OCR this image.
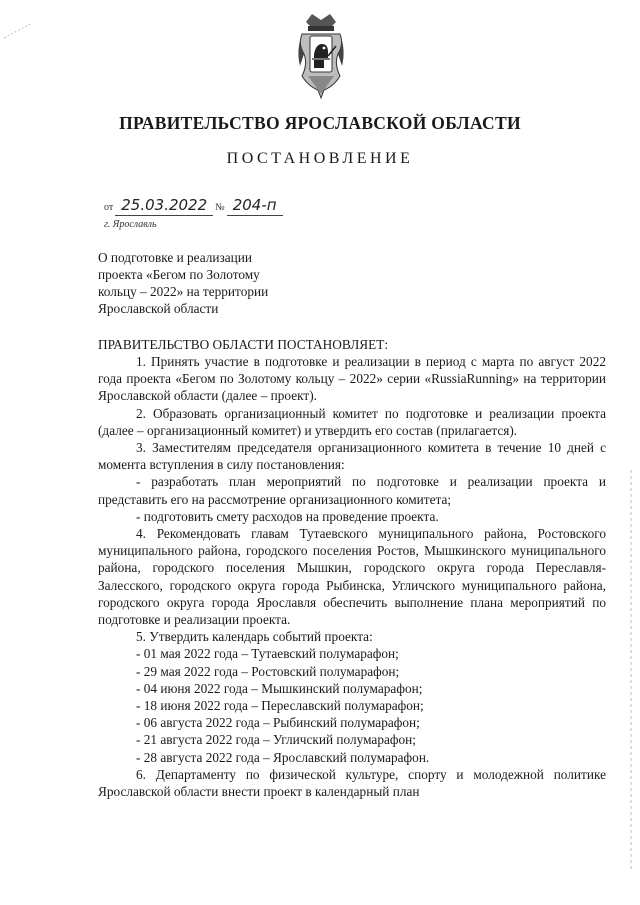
ПРАВИТЕЛЬСТВО ЯРОСЛАВСКОЙ ОБЛАСТИ
ПОСТАНОВЛЕНИЕ
от 25.03.2022 № 204-п
г. Ярославль
О подготовке и реализации
проекта «Бегом по Золотому
кольцу – 2022» на территории
Ярославской области
ПРАВИТЕЛЬСТВО ОБЛАСТИ ПОСТАНОВЛЯЕТ:

1. Принять участие в подготовке и реализации в период с марта по август 2022 года проекта «Бегом по Золотому кольцу – 2022» серии «RussiaRunning» на территории Ярославской области (далее – проект).

2. Образовать организационный комитет по подготовке и реализации проекта (далее – организационный комитет) и утвердить его состав (прилагается).

3. Заместителям председателя организационного комитета в течение 10 дней с момента вступления в силу постановления:

- разработать план мероприятий по подготовке и реализации проекта и представить его на рассмотрение организационного комитета;

- подготовить смету расходов на проведение проекта.

4. Рекомендовать главам Тутаевского муниципального района, Ростовского муниципального района, городского поселения Ростов, Мышкинского муниципального района, городского поселения Мышкин, городского округа города Переславля-Залесского, городского округа города Рыбинска, Угличского муниципального района, городского округа города Ярославля обеспечить выполнение плана мероприятий по подготовке и реализации проекта.

5. Утвердить календарь событий проекта:

- 01 мая 2022 года – Тутаевский полумарафон;
- 29 мая 2022 года – Ростовский полумарафон;
- 04 июня 2022 года – Мышкинский полумарафон;
- 18 июня 2022 года – Переславский полумарафон;
- 06 августа 2022 года – Рыбинский полумарафон;
- 21 августа 2022 года – Угличский полумарафон;
- 28 августа 2022 года – Ярославский полумарафон.

6. Департаменту по физической культуре, спорту и молодежной политике Ярославской области внести проект в календарный план
